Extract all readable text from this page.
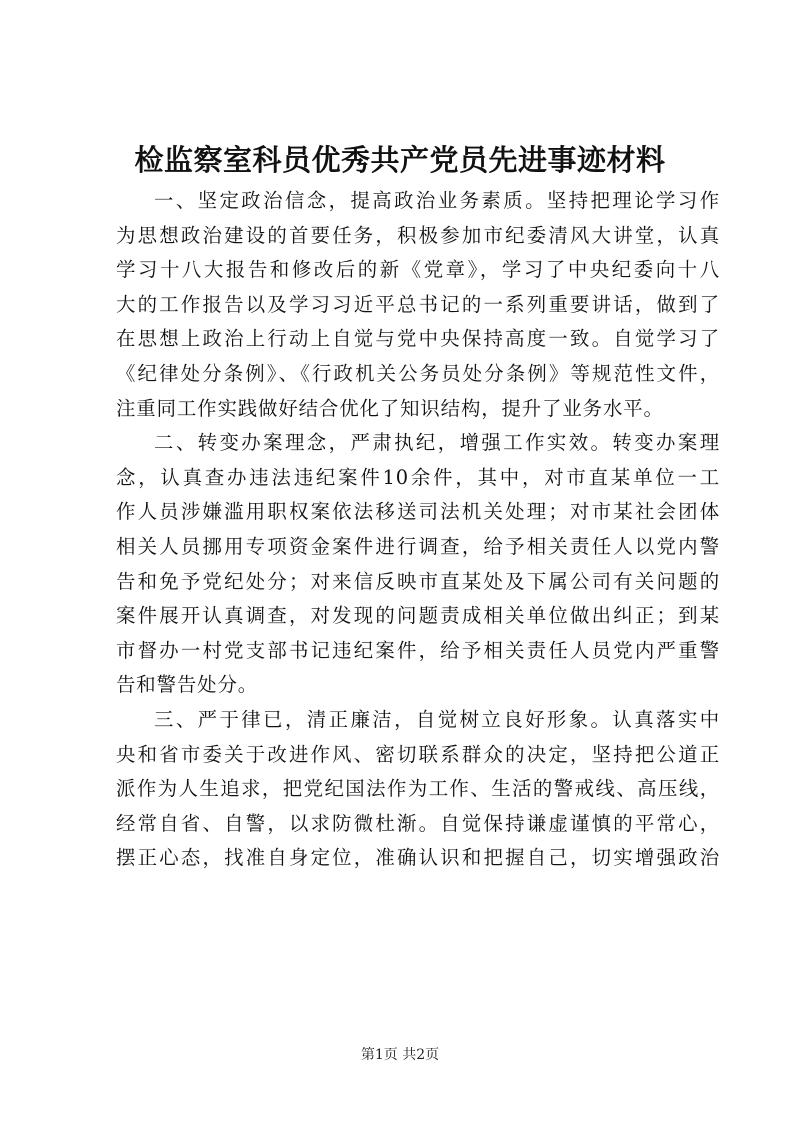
检监察室科员优秀共产党员先进事迹材料

一、坚定政治信念，提高政治业务素质。坚持把理论学习作
为思想政治建设的首要任务，积极参加市纪委清风大讲堂，认真
学习十八大报告和修改后的新《党章》，学习了中央纪委向十八
大的工作报告以及学习习近平总书记的一系列重要讲话，做到了
在思想上政治上行动上自觉与党中央保持高度一致。自觉学习了
《纪律处分条例》、《行政机关公务员处分条例》等规范性文件，
注重同工作实践做好结合优化了知识结构，提升了业务水平。

二、转变办案理念，严肃执纪，增强工作实效。转变办案理
念，认真查办违法违纪案件10余件，其中，对市直某单位一工
作人员涉嫌滥用职权案依法移送司法机关处理；对市某社会团体
相关人员挪用专项资金案件进行调查，给予相关责任人以党内警
告和免予党纪处分；对来信反映市直某处及下属公司有关问题的
案件展开认真调查，对发现的问题责成相关单位做出纠正；到某
市督办一村党支部书记违纪案件，给予相关责任人员党内严重警
告和警告处分。

三、严于律已，清正廉洁，自觉树立良好形象。认真落实中
央和省市委关于改进作风、密切联系群众的决定，坚持把公道正
派作为人生追求，把党纪国法作为工作、生活的警戒线、高压线，
经常自省、自警，以求防微杜渐。自觉保持谦虚谨慎的平常心，
摆正心态，找准自身定位，准确认识和把握自己，切实增强政治

第1页 共2页
